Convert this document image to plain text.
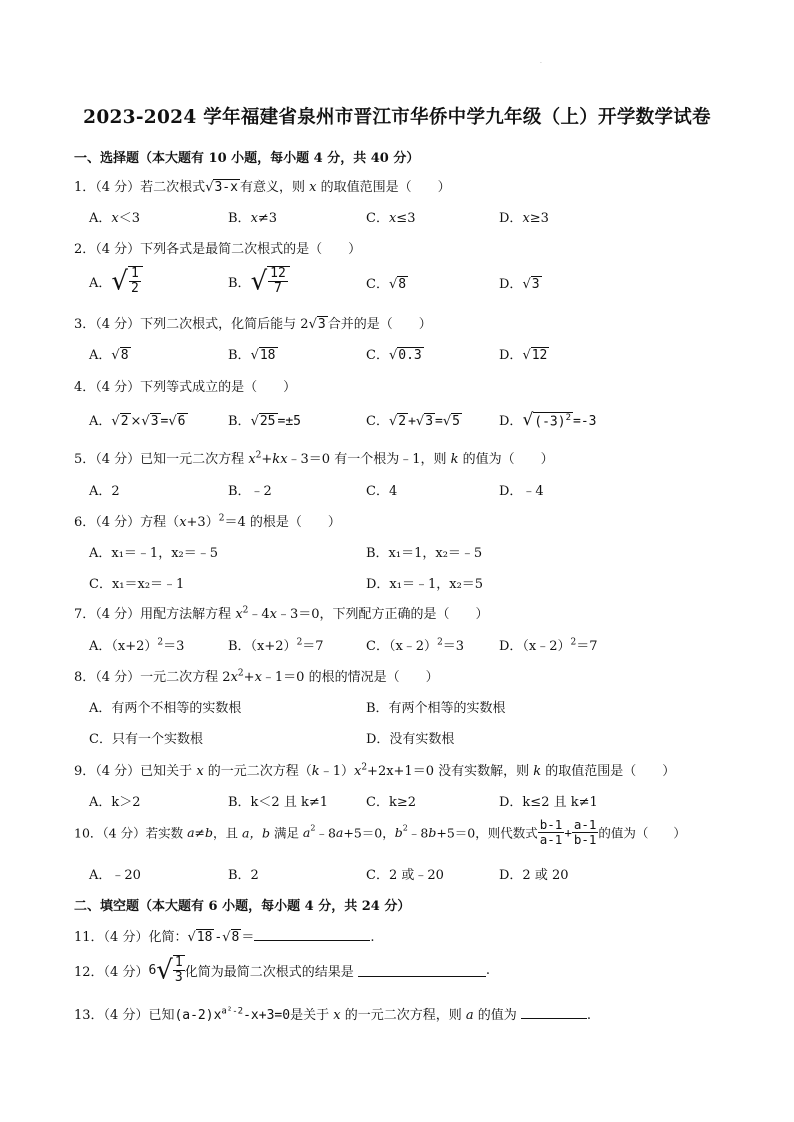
·
2023-2024 学年福建省泉州市晋江市华侨中学九年级（上）开学数学试卷
一、选择题（本大题有 10 小题，每小题 4 分，共 40 分）
1．（4 分）若二次根式√3-x 有意义，则 x 的取值范围是（　　）
A．x＜3	B．x≠3	C．x≤3	D．x≥3
2．（4 分）下列各式是最简二次根式的是（　　）
A．√ $\frac{1}{2}$	B．√ $\frac{12}{7}$	C．√8	D．√3
3．（4 分）下列二次根式，化简后能与 2√3 合并的是（　　）
A．√8	B．√18	C．√0.3	D．√12
4．（4 分）下列等式成立的是（　　）
A．√2 ×√3 =√6	B．√25 =±5	C．√2 +√3 =√5	D．$√(-3)^2 =-3$
5．（4 分）已知一元二次方程 $x^2+kx﹣3=0$ 有一个根为﹣1，则 k 的值为（　　）
A．2	B．﹣2	C．4	D．﹣4
6．（4 分）方程$(x+3)^2=4$ 的根是（　　）
A．x₁＝﹣1，x₂＝﹣5	B．x₁＝1，x₂＝﹣5
C．x₁＝x₂＝﹣1	D．x₁＝﹣1，x₂＝5
7．（4 分）用配方法解方程 $x^2﹣4x﹣3=0$，下列配方正确的是（　　）
A．$(x+2)^2=3$	B．$(x+2)^2=7$	C．（x﹣2）$^2$＝3	D．（x﹣2）$^2$＝7
8．（4 分）一元二次方程 $2x^2+x﹣1=0$ 的根的情况是（　　）
A．有两个不相等的实数根	B．有两个相等的实数根
C．只有一个实数根	D．没有实数根
9．（4 分）已知关于 x 的一元二次方程$(k﹣1)x^2+2x+1=0$ 没有实数解，则 k 的取值范围是（　　）
A．k＞2	B．k＜2 且 k≠1	C．k≥2	D．k≤2 且 k≠1
10．（4 分）若实数 a≠b，且 a，b 满足 $a^2﹣8a+5=0$，$b^2﹣8b+5=0$，则代数式 $\frac{b-1}{a-1} + \frac{a-1}{b-1}$ 的值为（　　）
A．﹣20	B．2	C．2 或﹣20	D．2 或 20
二、填空题（本大题有 6 小题，每小题 4 分，共 24 分）
11．（4 分）化简：√18 -√8 ＝	.
12．（4 分）$6√ \frac{1}{3}$ 化简为最简二次根式的结果是	.
13．（4 分）已知$(a-2)x^{a^2-2}-x+3=0$是关于 x 的一元二次方程，则 a 的值为	.
